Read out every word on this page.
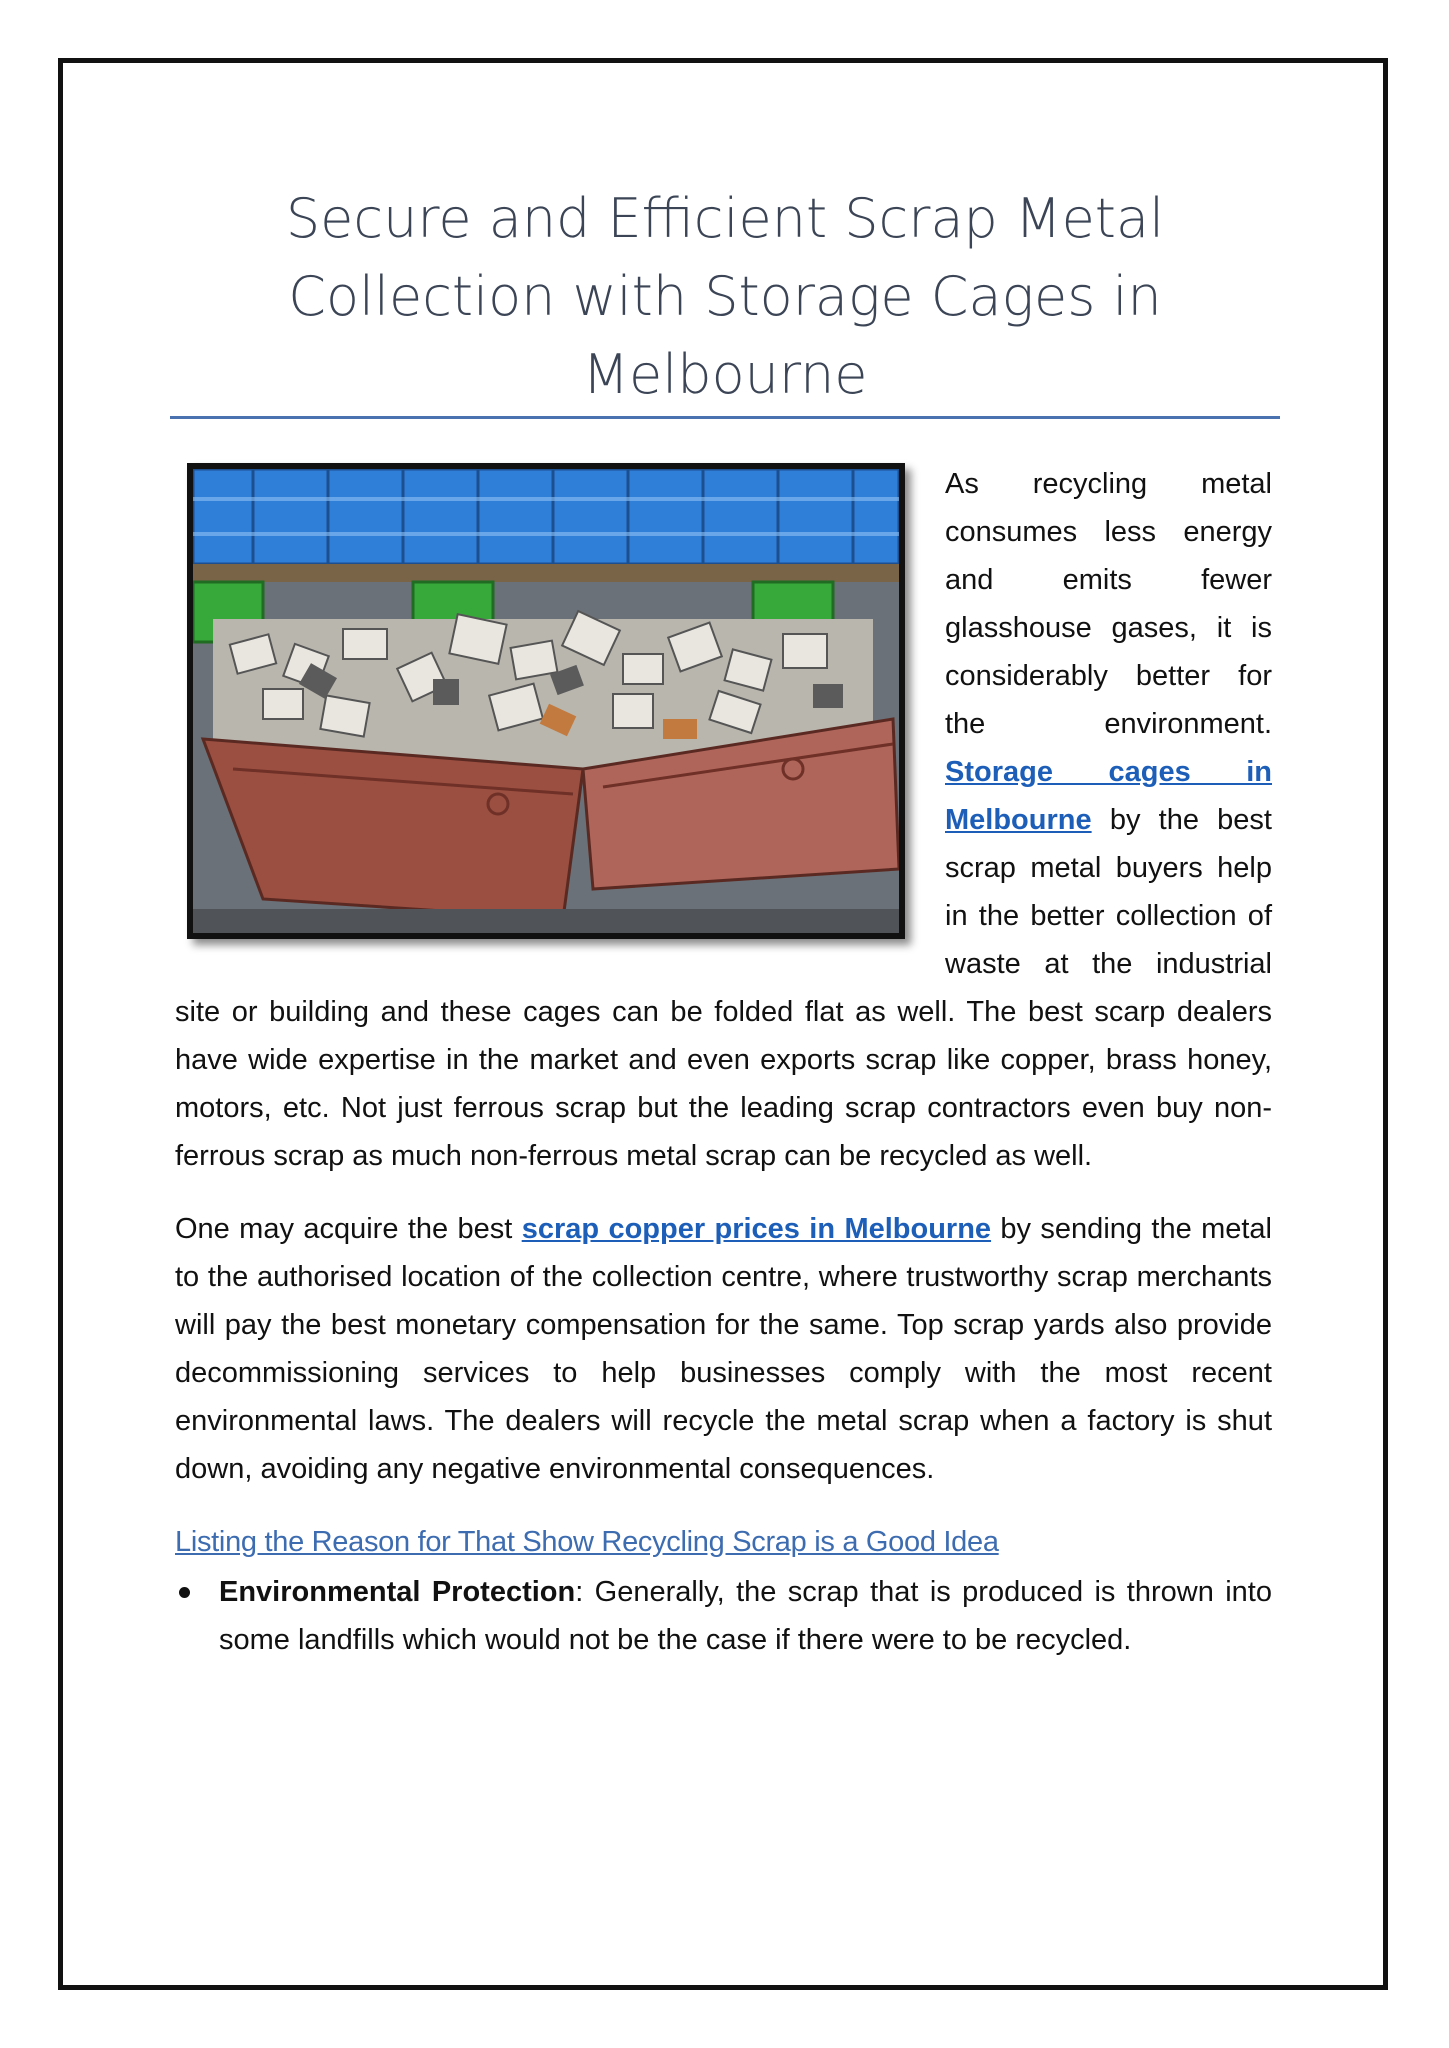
Secure and Efficient Scrap Metal Collection with Storage Cages in Melbourne

As recycling metal consumes less energy and emits fewer glasshouse gases, it is considerably better for the environment. Storage cages in Melbourne by the best scrap metal buyers help in the better collection of waste at the industrial site or building and these cages can be folded flat as well. The best scarp dealers have wide expertise in the market and even exports scrap like copper, brass honey, motors, etc. Not just ferrous scrap but the leading scrap contractors even buy non-ferrous scrap as much non-ferrous metal scrap can be recycled as well.

One may acquire the best scrap copper prices in Melbourne by sending the metal to the authorised location of the collection centre, where trustworthy scrap merchants will pay the best monetary compensation for the same. Top scrap yards also provide decommissioning services to help businesses comply with the most recent environmental laws. The dealers will recycle the metal scrap when a factory is shut down, avoiding any negative environmental consequences.

Listing the Reason for That Show Recycling Scrap is a Good Idea
Environmental Protection: Generally, the scrap that is produced is thrown into some landfills which would not be the case if there were to be recycled.
